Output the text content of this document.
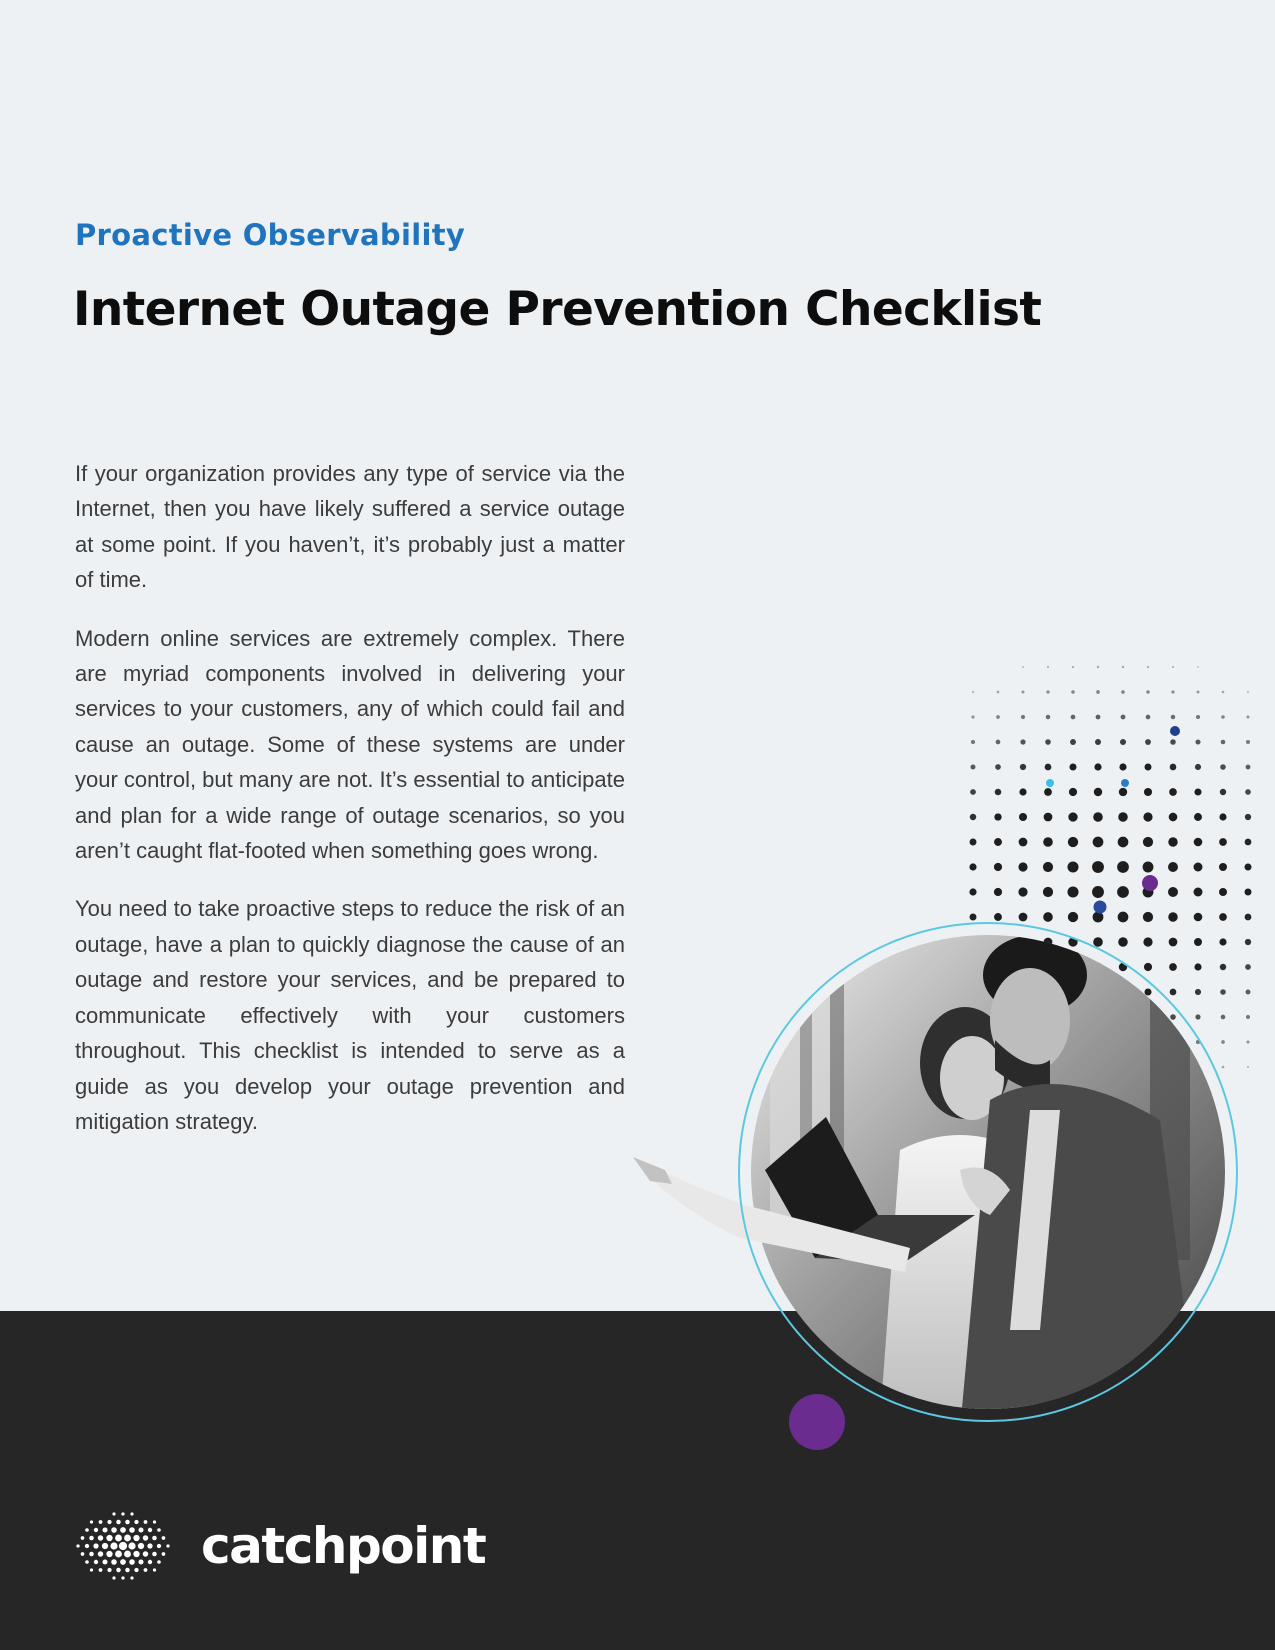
Proactive Observability
Internet Outage Prevention Checklist

If your organization provides any type of service via the Internet, then you have likely suffered a service outage at some point. If you haven’t, it’s probably just a matter of time.

Modern online services are extremely complex. There are myriad components involved in delivering your services to your customers, any of which could fail and cause an outage. Some of these systems are under your control, but many are not. It’s essential to anticipate and plan for a wide range of outage scenarios, so you aren’t caught flat-footed when something goes wrong.

You need to take proactive steps to reduce the risk of an outage, have a plan to quickly diagnose the cause of an outage and restore your services, and be prepared to communicate effectively with your customers throughout. This checklist is intended to serve as a guide as you develop your outage prevention and mitigation strategy.

catchpoint
